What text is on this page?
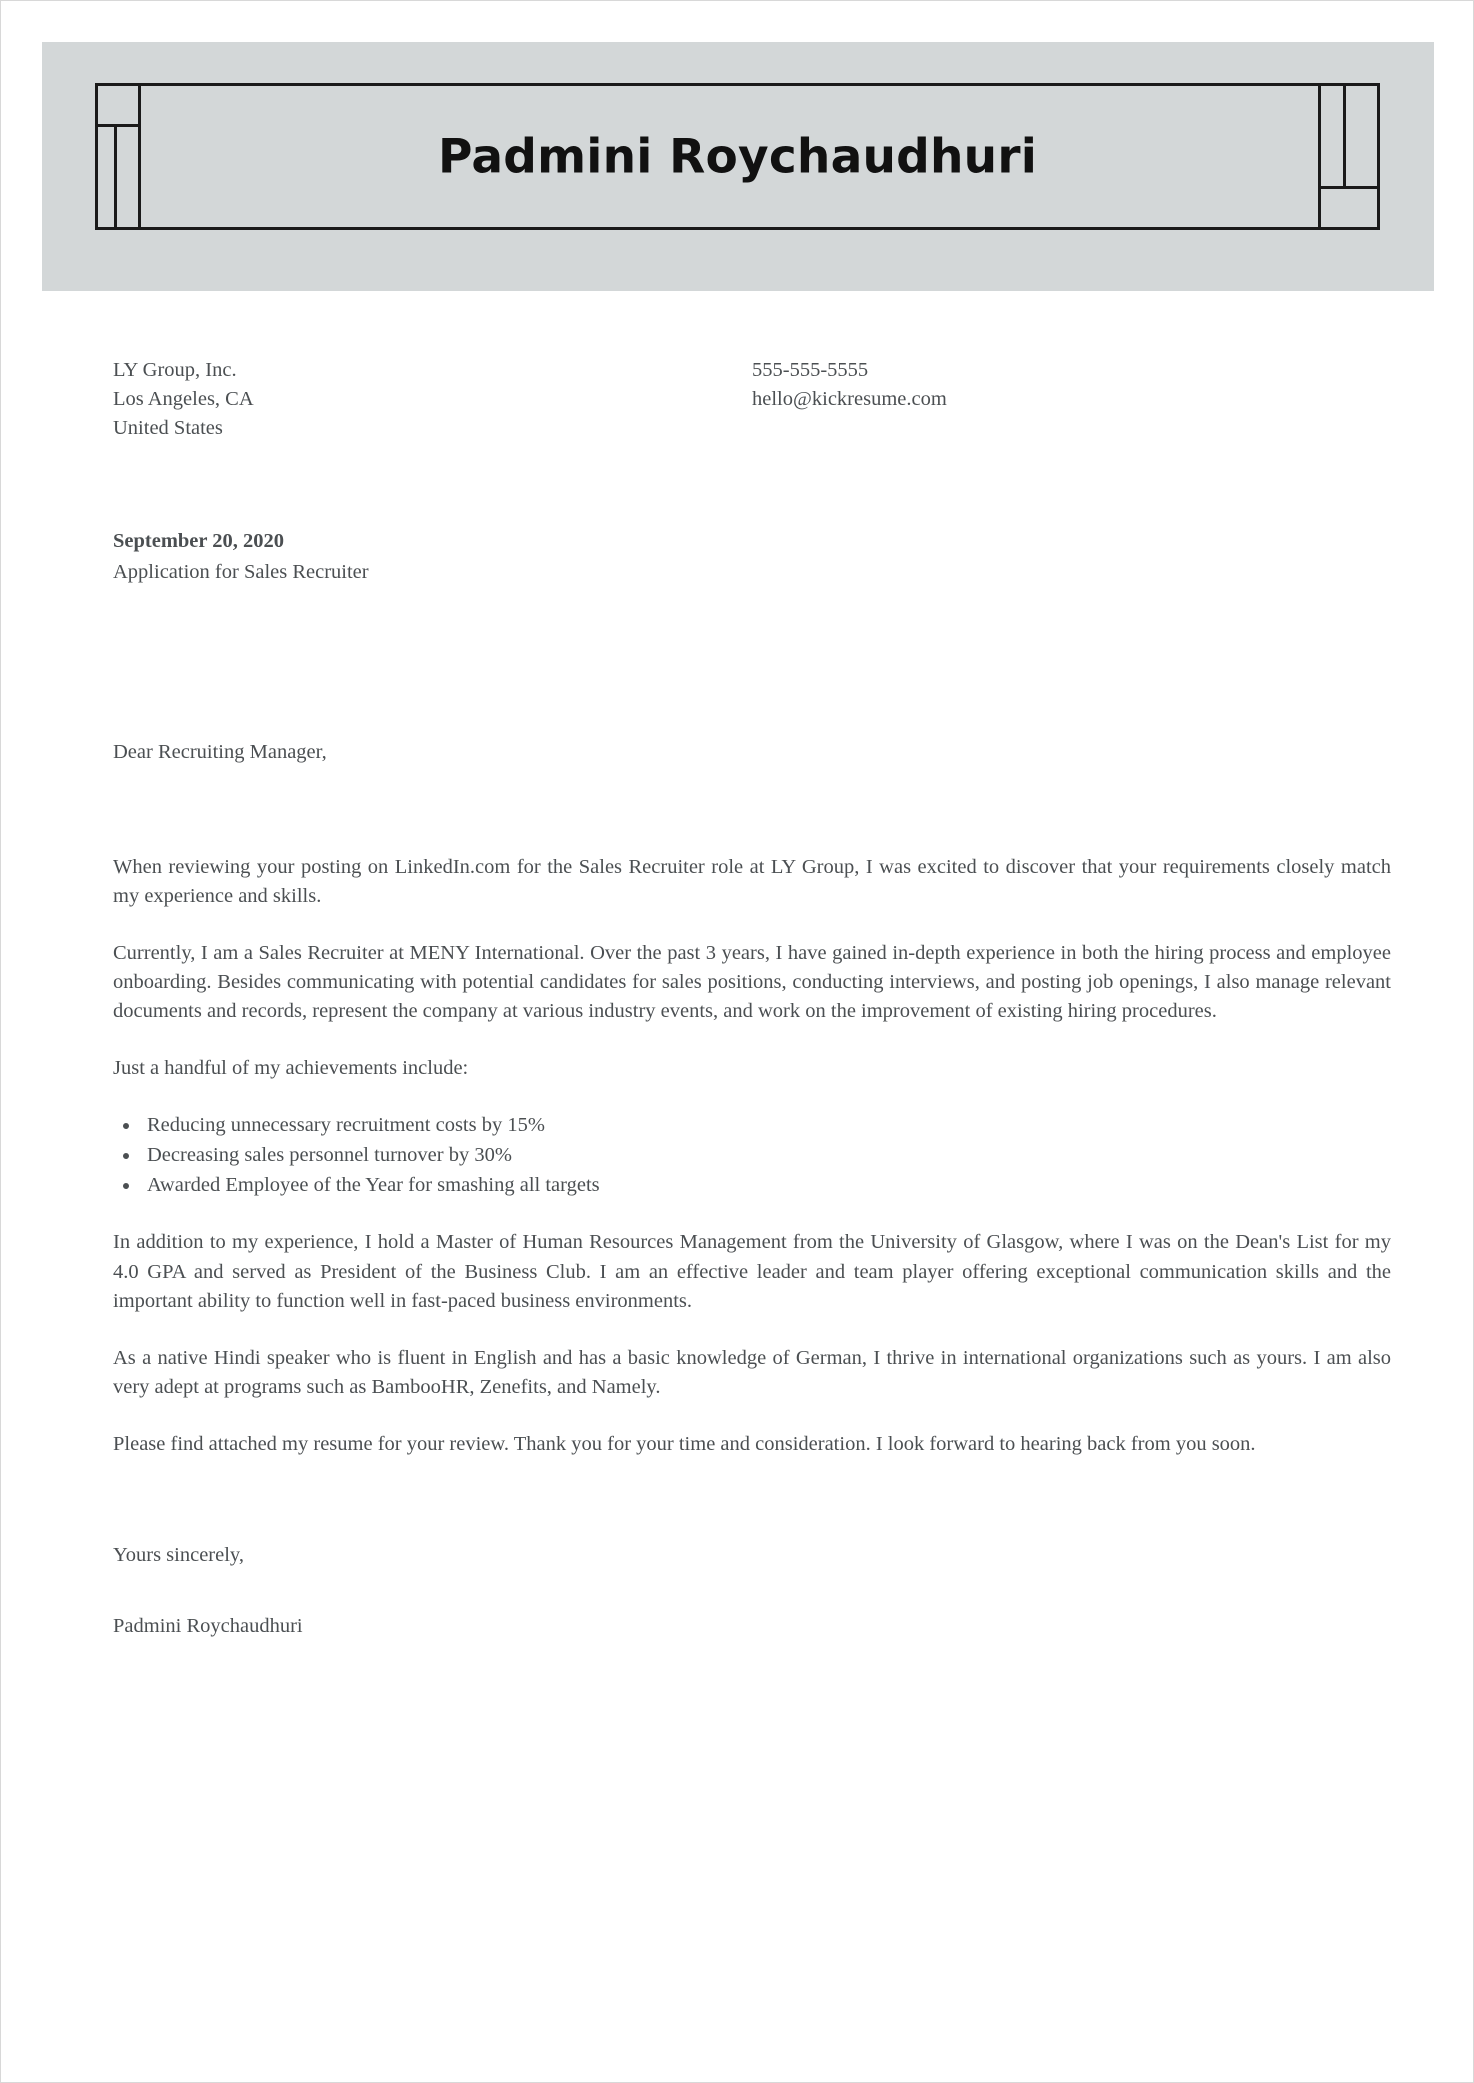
Padmini Roychaudhuri
LY Group, Inc.
Los Angeles, CA
United States
555-555-5555
hello@kickresume.com
September 20, 2020
Application for Sales Recruiter
Dear Recruiting Manager,

When reviewing your posting on LinkedIn.com for the Sales Recruiter role at LY Group, I was excited to discover that your requirements closely match my experience and skills.

Currently, I am a Sales Recruiter at MENY International. Over the past 3 years, I have gained in-depth experience in both the hiring process and employee onboarding. Besides communicating with potential candidates for sales positions, conducting interviews, and posting job openings, I also manage relevant documents and records, represent the company at various industry events, and work on the improvement of existing hiring procedures.

Just a handful of my achievements include:

• Reducing unnecessary recruitment costs by 15%
• Decreasing sales personnel turnover by 30%
• Awarded Employee of the Year for smashing all targets

In addition to my experience, I hold a Master of Human Resources Management from the University of Glasgow, where I was on the Dean's List for my 4.0 GPA and served as President of the Business Club. I am an effective leader and team player offering exceptional communication skills and the important ability to function well in fast-paced business environments.

As a native Hindi speaker who is fluent in English and has a basic knowledge of German, I thrive in international organizations such as yours. I am also very adept at programs such as BambooHR, Zenefits, and Namely.

Please find attached my resume for your review. Thank you for your time and consideration. I look forward to hearing back from you soon.

Yours sincerely,
Padmini Roychaudhuri
